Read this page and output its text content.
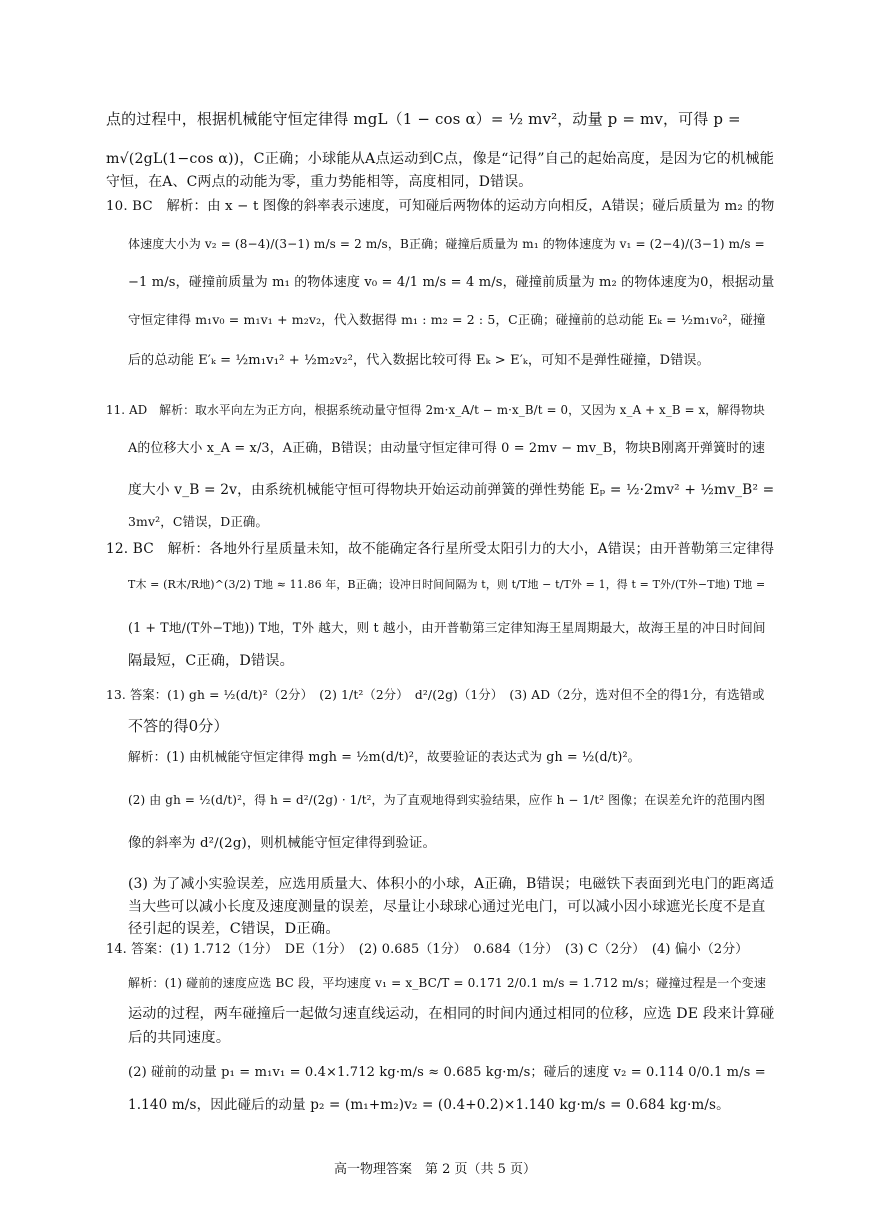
点的过程中，根据机械能守恒定律得 mgL（1 − cos α）= ½ mv²，动量 p = mv，可得 p =
m√(2gL(1−cos α))，C正确；小球能从A点运动到C点，像是“记得”自己的起始高度，是因为它的机械能
守恒，在A、C两点的动能为零，重力势能相等，高度相同，D错误。
10. BC　解析：由 x − t 图像的斜率表示速度，可知碰后两物体的运动方向相反，A错误；碰后质量为 m₂ 的物
体速度大小为 v₂ = (8−4)/(3−1) m/s = 2 m/s，B正确；碰撞后质量为 m₁ 的物体速度为 v₁ = (2−4)/(3−1) m/s =
−1 m/s，碰撞前质量为 m₁ 的物体速度 v₀ = 4/1 m/s = 4 m/s，碰撞前质量为 m₂ 的物体速度为0，根据动量
守恒定律得 m₁v₀ = m₁v₁ + m₂v₂，代入数据得 m₁ : m₂ = 2 : 5，C正确；碰撞前的总动能 Eₖ = ½m₁v₀²，碰撞
后的总动能 E′ₖ = ½m₁v₁² + ½m₂v₂²，代入数据比较可得 Eₖ > E′ₖ，可知不是弹性碰撞，D错误。
11. AD　解析：取水平向左为正方向，根据系统动量守恒得 2m·x_A/t − m·x_B/t = 0，又因为 x_A + x_B = x，解得物块
A的位移大小 x_A = x/3，A正确，B错误；由动量守恒定律可得 0 = 2mv − mv_B，物块B刚离开弹簧时的速
度大小 v_B = 2v，由系统机械能守恒可得物块开始运动前弹簧的弹性势能 Eₚ = ½·2mv² + ½mv_B² =
3mv²，C错误，D正确。
12. BC　解析：各地外行星质量未知，故不能确定各行星所受太阳引力的大小，A错误；由开普勒第三定律得
T木 = (R木/R地)^(3/2) T地 ≈ 11.86 年，B正确；设冲日时间间隔为 t，则 t/T地 − t/T外 = 1，得 t = T外/(T外−T地) T地 =
(1 + T地/(T外−T地)) T地，T外 越大，则 t 越小，由开普勒第三定律知海王星周期最大，故海王星的冲日时间间
隔最短，C正确，D错误。
13. 答案：(1) gh = ½(d/t)²（2分）　(2) 1/t²（2分）　d²/(2g)（1分）　(3) AD（2分，选对但不全的得1分，有选错或
不答的得0分）
解析：(1) 由机械能守恒定律得 mgh = ½m(d/t)²，故要验证的表达式为 gh = ½(d/t)²。
(2) 由 gh = ½(d/t)²，得 h = d²/(2g) · 1/t²，为了直观地得到实验结果，应作 h − 1/t² 图像；在误差允许的范围内图
像的斜率为 d²/(2g)，则机械能守恒定律得到验证。
(3) 为了减小实验误差，应选用质量大、体积小的小球，A正确，B错误；电磁铁下表面到光电门的距离适
当大些可以减小长度及速度测量的误差，尽量让小球球心通过光电门，可以减小因小球遮光长度不是直
径引起的误差，C错误，D正确。
14. 答案：(1) 1.712（1分）　DE（1分）　(2) 0.685（1分）　0.684（1分）　(3) C（2分）　(4) 偏小（2分）
解析：(1) 碰前的速度应选 BC 段，平均速度 v₁ = x_BC/T = 0.171 2/0.1 m/s = 1.712 m/s；碰撞过程是一个变速
运动的过程，两车碰撞后一起做匀速直线运动，在相同的时间内通过相同的位移，应选 DE 段来计算碰
后的共同速度。
(2) 碰前的动量 p₁ = m₁v₁ = 0.4×1.712 kg·m/s ≈ 0.685 kg·m/s；碰后的速度 v₂ = 0.114 0/0.1 m/s =
1.140 m/s，因此碰后的动量 p₂ = (m₁+m₂)v₂ = (0.4+0.2)×1.140 kg·m/s = 0.684 kg·m/s。
高一物理答案　第 2 页（共 5 页）
